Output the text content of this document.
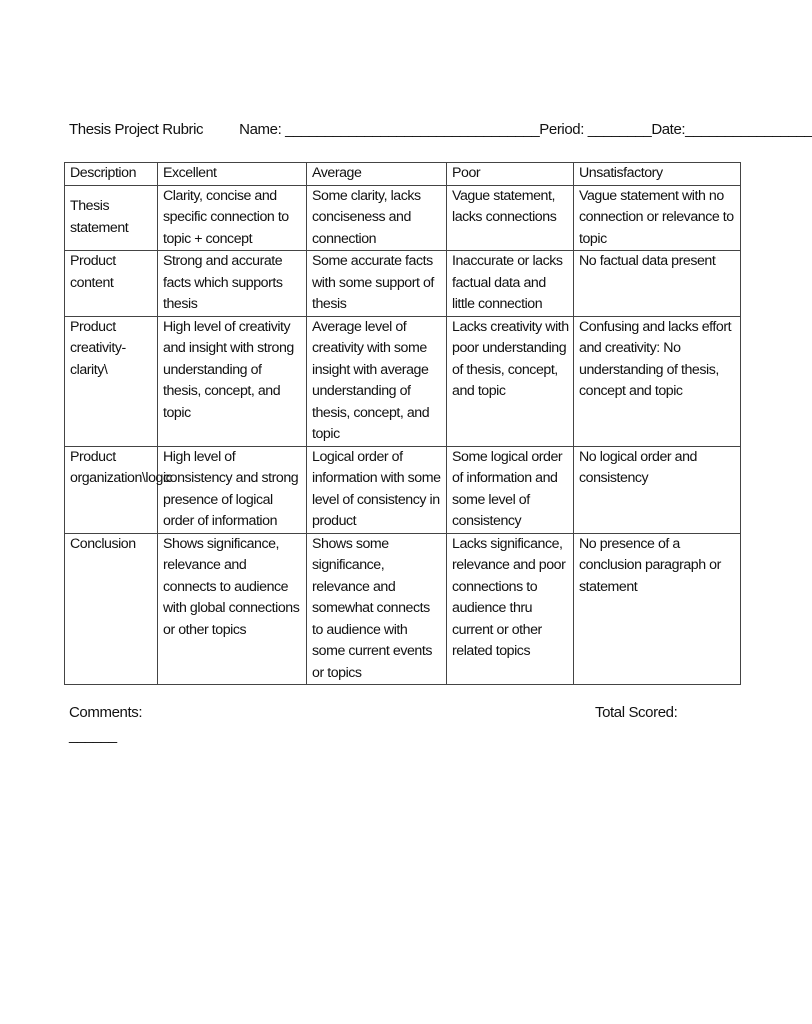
Thesis Project Rubric Name: ________________________________Period: ________Date:________________
Description	Excellent	Average	Poor	Unsatisfactory
Thesis statement	Clarity, concise and specific connection to topic + concept	Some clarity, lacks conciseness and connection	Vague statement, lacks connections	Vague statement with no connection or relevance to topic
Product content	Strong and accurate facts which supports thesis	Some accurate facts with some support of thesis	Inaccurate or lacks factual data and little connection	No factual data present
Product creativity-clarity\	High level of creativity and insight with strong understanding of thesis, concept, and topic	Average level of creativity with some insight with average understanding of thesis, concept, and topic	Lacks creativity with poor understanding of thesis, concept, and topic	Confusing and lacks effort and creativity: No understanding of thesis, concept and topic
Product organization\logic	High level of consistency and strong presence of logical order of information	Logical order of information with some level of consistency in product	Some logical order of information and some level of consistency	No logical order and consistency
Conclusion	Shows significance, relevance and connects to audience with global connections or other topics	Shows some significance, relevance and somewhat connects to audience with some current events or topics	Lacks significance, relevance and poor connections to audience thru current or other related topics	No presence of a conclusion paragraph or statement
Comments:
______
Total Scored:
